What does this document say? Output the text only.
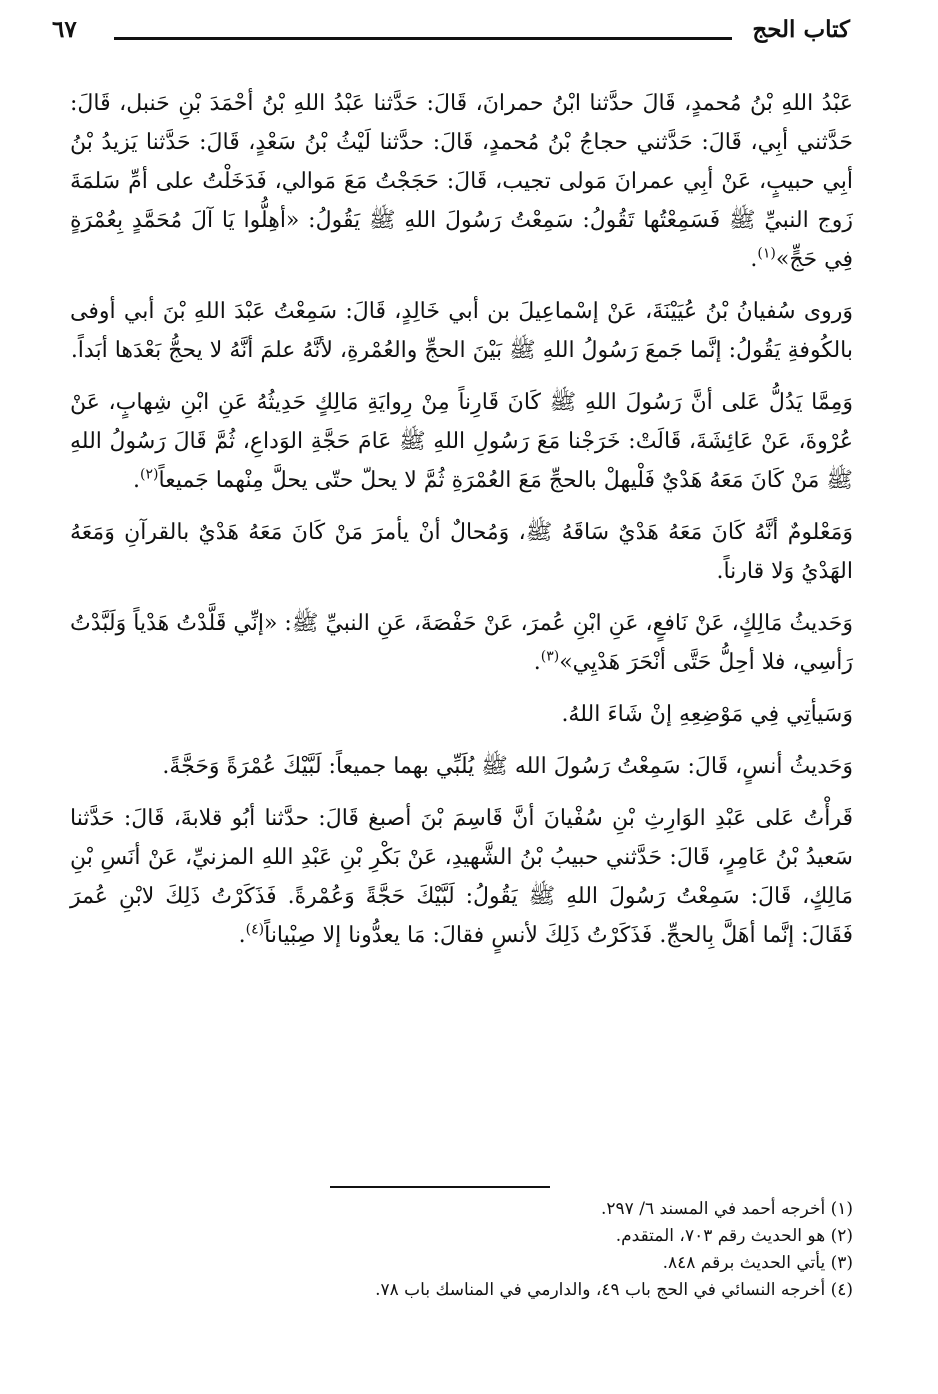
كتاب الحج
٦٧

عَبْدُ اللهِ بْنُ مُحمدٍ، قَالَ حدَّثنا ابْنُ حمرانَ، قَالَ: حَدَّثنا عَبْدُ اللهِ بْنُ أحْمَدَ بْنِ حَنبل، قَالَ: حَدَّثني أبِي، قَالَ: حَدَّثني حجاجُ بْنُ مُحمدٍ، قَالَ: حدَّثنا لَيْثُ بْنُ سَعْدٍ، قَالَ: حَدَّثنا يَزيدُ بْنُ أبِي حبيبٍ، عَنْ أبِي عمرانَ مَولى تجيب، قَالَ: حَجَجْتُ مَعَ مَوالي، فَدَخَلْتُ على أمِّ سَلمَةَ زَوج النبيِّ ﷺ فَسَمِعْتُها تَقُولُ: سَمِعْتُ رَسُولَ اللهِ ﷺ يَقُولُ: «أهِلُّوا يَا آلَ مُحَمَّدٍ بِعُمْرَةٍ فِي حَجٍّ»$^{(١)}$.

وَروى سُفيانُ بْنُ عُيَيْنَةَ، عَنْ إسْماعِيلَ بن أبي خَالِدٍ، قَالَ: سَمِعْتُ عَبْدَ اللهِ بْنَ أبي أوفى بالكُوفةِ يَقُولُ: إنَّما جَمعَ رَسُولُ اللهِ ﷺ بَيْنَ الحجِّ والعُمْرةِ، لأنَّهُ علمَ أنَّهُ لا يحجُّ بَعْدَها أبَداً.

وَمِمَّا يَدُلُّ عَلى أنَّ رَسُولَ اللهِ ﷺ كَانَ قَارِناً مِنْ رِوايَةِ مَالِكٍ حَدِيثُهُ عَنِ ابْنِ شِهابٍ، عَنْ عُرْوةَ، عَنْ عَائِشَةَ، قَالَتْ: خَرَجْنا مَعَ رَسُولِ اللهِ ﷺ عَامَ حَجَّةِ الوَداعِ، ثُمَّ قَالَ رَسُولُ اللهِ ﷺ مَنْ كَانَ مَعَهُ هَدْيٌ فَلْيهلْ بالحجِّ مَعَ العُمْرَةِ ثُمَّ لا يحلّ حتّى يحلَّ مِنْهما جَميعاً$^{(٢)}$.

وَمَعْلومٌ أنَّهُ كَانَ مَعَهُ هَدْيٌ سَاقَهُ ﷺ، وَمُحالٌ أنْ يأمرَ مَنْ كَانَ مَعَهُ هَدْيٌ بالقرآنِ وَمَعَهُ الهَدْيُ وَلا قارناً.

وَحَديثُ مَالِكٍ، عَنْ نَافعٍ، عَنِ ابْنِ عُمرَ، عَنْ حَفْصَةَ، عَنِ النبيِّ ﷺ: «إنِّي قَلَّدْتُ هَدْياً وَلَبَّدْتُ رَأسِي، فلا أحِلُّ حَتَّى أنْحَرَ هَدْيِي»$^{(٣)}$.

وَسَيأتِي فِي مَوْضِعِهِ إنْ شَاءَ اللهُ.

وَحَديثُ أنسٍ، قَالَ: سَمِعْتُ رَسُولَ الله ﷺ يُلَبِّي بهما جميعاً: لَبَّيْكَ عُمْرَةً وَحَجَّةً.

قَرأْتُ عَلى عَبْدِ الوَارِثِ بْنِ سُفْيانَ أنَّ قَاسِمَ بْنَ أصبغ قَالَ: حدَّثنا أبُو قلابةَ، قَالَ: حَدَّثنا سَعيدُ بْنُ عَامِرٍ، قَالَ: حَدَّثني حبيبُ بْنُ الشَّهيدِ، عَنْ بَكْرِ بْنِ عَبْدِ اللهِ المزنيِّ، عَنْ أنَسِ بْنِ مَالِكٍ، قَالَ: سَمِعْتُ رَسُولَ اللهِ ﷺ يَقُولُ: لَبَّيْكَ حَجَّةً وَعُمْرةً. فَذَكَرْتُ ذَلِكَ لابْنِ عُمرَ فَقَالَ: إنَّما أهَلَّ بِالحجِّ. فَذَكَرْتُ ذَلِكَ لأنسٍ فقالَ: مَا يعدُّونا إلا صِبْياناً$^{(٤)}$.

(١) أخرجه أحمد في المسند ٦/ ٢٩٧.
(٢) هو الحديث رقم ٧٠٣، المتقدم.
(٣) يأتي الحديث برقم ٨٤٨.
(٤) أخرجه النسائي في الحج باب ٤٩، والدارمي في المناسك باب ٧٨.
